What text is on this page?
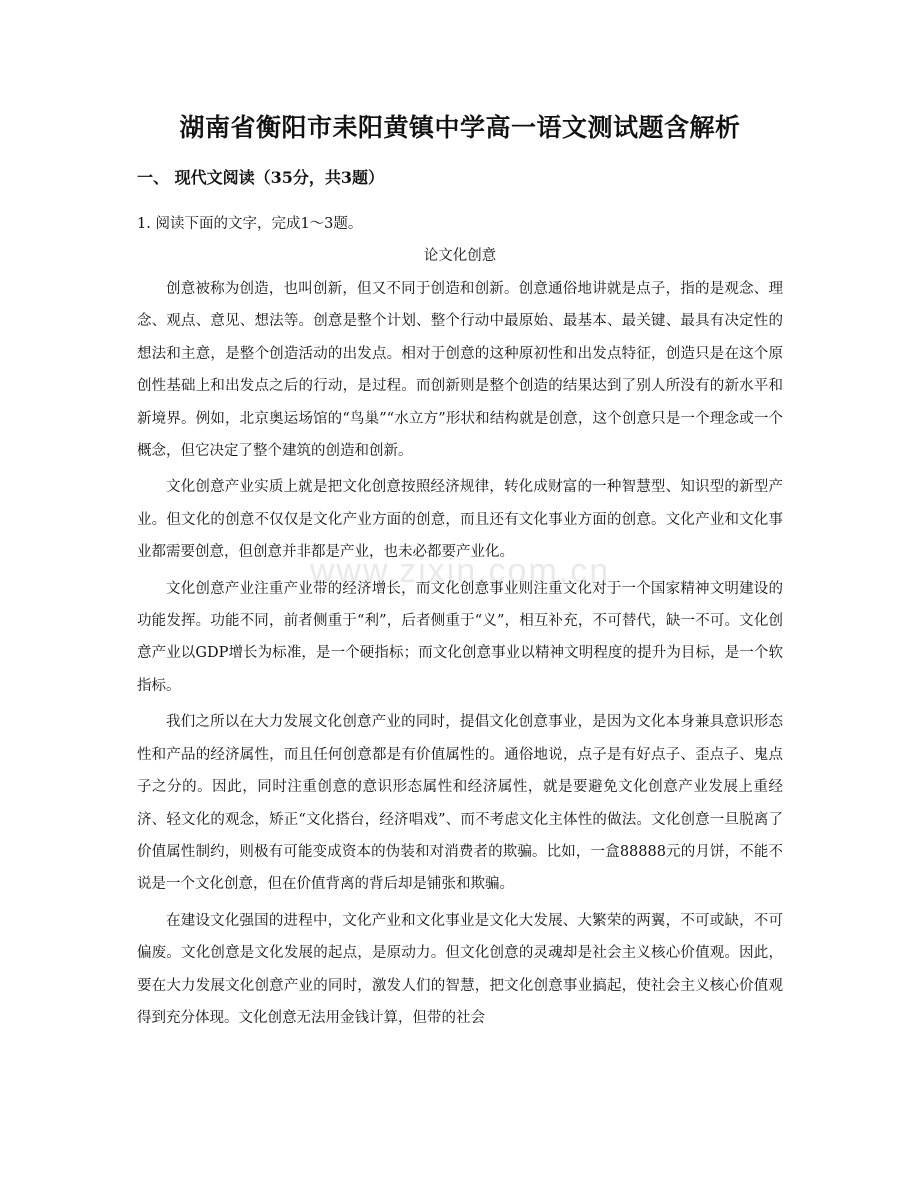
湖南省衡阳市耒阳黄镇中学高一语文测试题含解析
一、 现代文阅读（35分，共3题）
1. 阅读下面的文字，完成1～3题。
论文化创意

创意被称为创造，也叫创新，但又不同于创造和创新。创意通俗地讲就是点子，指的是观念、理念、观点、意见、想法等。创意是整个计划、整个行动中最原始、最基本、最关键、最具有决定性的想法和主意，是整个创造活动的出发点。相对于创意的这种原初性和出发点特征，创造只是在这个原创性基础上和出发点之后的行动，是过程。而创新则是整个创造的结果达到了别人所没有的新水平和新境界。例如，北京奥运场馆的“鸟巢”“水立方”形状和结构就是创意，这个创意只是一个理念或一个概念，但它决定了整个建筑的创造和创新。

文化创意产业实质上就是把文化创意按照经济规律，转化成财富的一种智慧型、知识型的新型产业。但文化的创意不仅仅是文化产业方面的创意，而且还有文化事业方面的创意。文化产业和文化事业都需要创意，但创意并非都是产业，也未必都要产业化。

文化创意产业注重产业带的经济增长，而文化创意事业则注重文化对于一个国家精神文明建设的功能发挥。功能不同，前者侧重于“利”，后者侧重于“义”，相互补充，不可替代，缺一不可。文化创意产业以GDP增长为标准，是一个硬指标；而文化创意事业以精神文明程度的提升为目标，是一个软指标。

我们之所以在大力发展文化创意产业的同时，提倡文化创意事业，是因为文化本身兼具意识形态性和产品的经济属性，而且任何创意都是有价值属性的。通俗地说，点子是有好点子、歪点子、鬼点子之分的。因此，同时注重创意的意识形态属性和经济属性，就是要避免文化创意产业发展上重经济、轻文化的观念，矫正“文化搭台，经济唱戏”、而不考虑文化主体性的做法。文化创意一旦脱离了价值属性制约，则极有可能变成资本的伪装和对消费者的欺骗。比如，一盒88888元的月饼，不能不说是一个文化创意，但在价值背离的背后却是铺张和欺骗。

在建设文化强国的进程中，文化产业和文化事业是文化大发展、大繁荣的两翼，不可或缺，不可偏废。文化创意是文化发展的起点，是原动力。但文化创意的灵魂却是社会主义核心价值观。因此，要在大力发展文化创意产业的同时，激发人们的智慧，把文化创意事业搞起，使社会主义核心价值观得到充分体现。文化创意无法用金钱计算，但带的社会

www.zixin.com.cn
